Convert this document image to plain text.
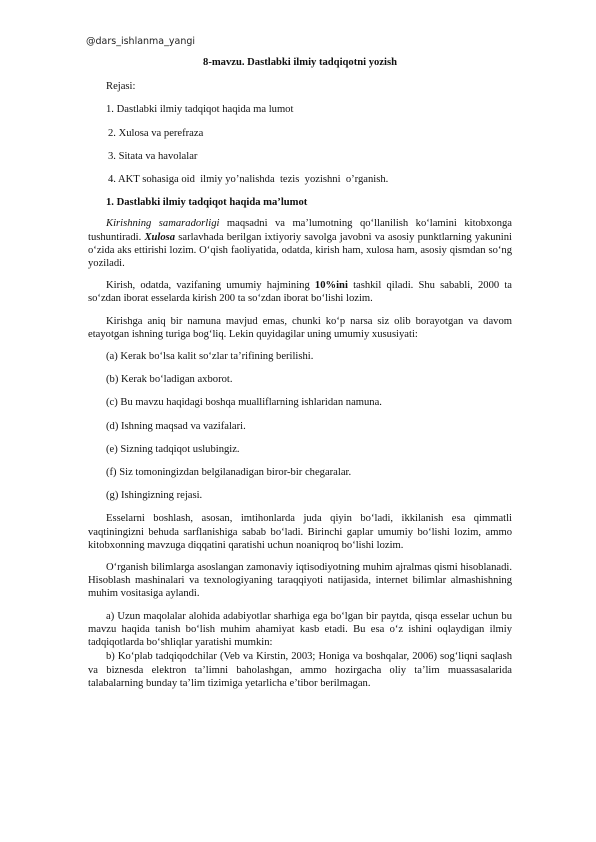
@dars_ishlanma_yangi
8-mavzu. Dastlabki ilmiy tadqiqotni yozish
Rejasi:
1. Dastlabki ilmiy tadqiqot haqida ma lumot
2. Xulosa va perefraza
3. Sitata va havolalar
4. AKT sohasiga oid  ilmiy yo’nalishda  tezis  yozishni  o’rganish.
1. Dastlabki ilmiy tadqiqot haqida ma’lumot
Kirishning samaradorligi maqsadni va ma’lumotning qo‘llanilish ko‘lamini kitobxonga tushuntiradi. Xulosa sarlavhada berilgan ixtiyoriy savolga javobni va asosiy punktlarning yakunini o‘zida aks ettirishi lozim. O‘qish faoliyatida, odatda, kirish ham, xulosa ham, asosiy qismdan so‘ng yoziladi.
Kirish, odatda, vazifaning umumiy hajmining 10%ini tashkil qiladi. Shu sababli, 2000 ta so‘zdan iborat esselarda kirish 200 ta so‘zdan iborat bo‘lishi lozim.
Kirishga aniq bir namuna mavjud emas, chunki ko‘p narsa siz olib borayotgan va davom etayotgan ishning turiga bog‘liq. Lekin quyidagilar uning umumiy xususiyati:
(a) Kerak bo‘lsa kalit so‘zlar ta’rifining berilishi.
(b) Kerak bo‘ladigan axborot.
(c) Bu mavzu haqidagi boshqa mualliflarning ishlaridan namuna.
(d) Ishning maqsad va vazifalari.
(e) Sizning tadqiqot uslubingiz.
(f) Siz tomoningizdan belgilanadigan biror-bir chegaralar.
(g) Ishingizning rejasi.
Esselarni boshlash, asosan, imtihonlarda juda qiyin bo‘ladi, ikkilanish esa qimmatli vaqtiningizni behuda sarflanishiga sabab bo‘ladi. Birinchi gaplar umumiy bo‘lishi lozim, ammo kitobxonning mavzuga diqqatini qaratishi uchun noaniqroq bo‘lishi lozim.
O‘rganish bilimlarga asoslangan zamonaviy iqtisodiyotning muhim ajralmas qismi hisoblanadi. Hisoblash mashinalari va texnologiyaning taraqqiyoti natijasida, internet bilimlar almashishning muhim vositasiga aylandi.
a) Uzun maqolalar alohida adabiyotlar sharhiga ega bo‘lgan bir paytda, qisqa esselar uchun bu mavzu haqida tanish bo‘lish muhim ahamiyat kasb etadi. Bu esa o‘z ishini oqlaydigan ilmiy tadqiqotlarda bo‘shliqlar yaratishi mumkin:
b) Ko‘plab tadqiqodchilar (Veb va Kirstin, 2003; Honiga va boshqalar, 2006) sog‘liqni saqlash va biznesda elektron ta’limni baholashgan, ammo hozirgacha oliy ta’lim muassasalarida talabalarning bunday ta’lim tizimiga yetarlicha e’tibor berilmagan.
